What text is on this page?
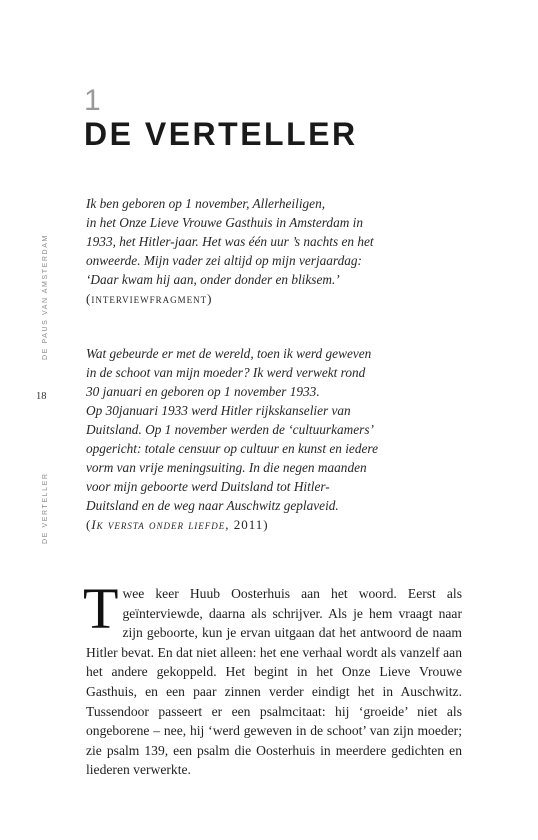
1
DE VERTELLER
DE PAUS VAN AMSTERDAM
18
DE VERTELLER

Ik ben geboren op 1 november, Allerheiligen,

in het Onze Lieve Vrouwe Gasthuis in Amsterdam in

1933, het Hitler-jaar. Het was één uur ’s nachts en het

onweerde. Mijn vader zei altijd op mijn verjaardag:

‘Daar kwam hij aan, onder donder en bliksem.’

(interviewfragment)

Wat gebeurde er met de wereld, toen ik werd geweven

in de schoot van mijn moeder? Ik werd verwekt rond

30 januari en geboren op 1 november 1933.

Op 30januari 1933 werd Hitler rijkskanselier van

Duitsland. Op 1 november werden de ‘cultuurkamers’

opgericht: totale censuur op cultuur en kunst en iedere

vorm van vrije meningsuiting. In die negen maanden

voor mijn geboorte werd Duitsland tot Hitler-

Duitsland en de weg naar Auschwitz geplaveid.

(Ik versta onder liefde, 2011)

Twee keer Huub Oosterhuis aan het woord. Eerst als geïnterviewde, daarna als schrijver. Als je hem vraagt naar zijn geboorte, kun je ervan uitgaan dat het antwoord de naam Hitler bevat. En dat niet alleen: het ene verhaal wordt als vanzelf aan het andere gekoppeld. Het begint in het Onze Lieve Vrouwe Gasthuis, en een paar zinnen verder eindigt het in Auschwitz. Tussendoor passeert er een psalmcitaat: hij ‘groeide’ niet als ongeborene – nee, hij ‘werd geweven in de schoot’ van zijn moeder; zie psalm 139, een psalm die Oosterhuis in meerdere gedichten en liederen verwerkte.
